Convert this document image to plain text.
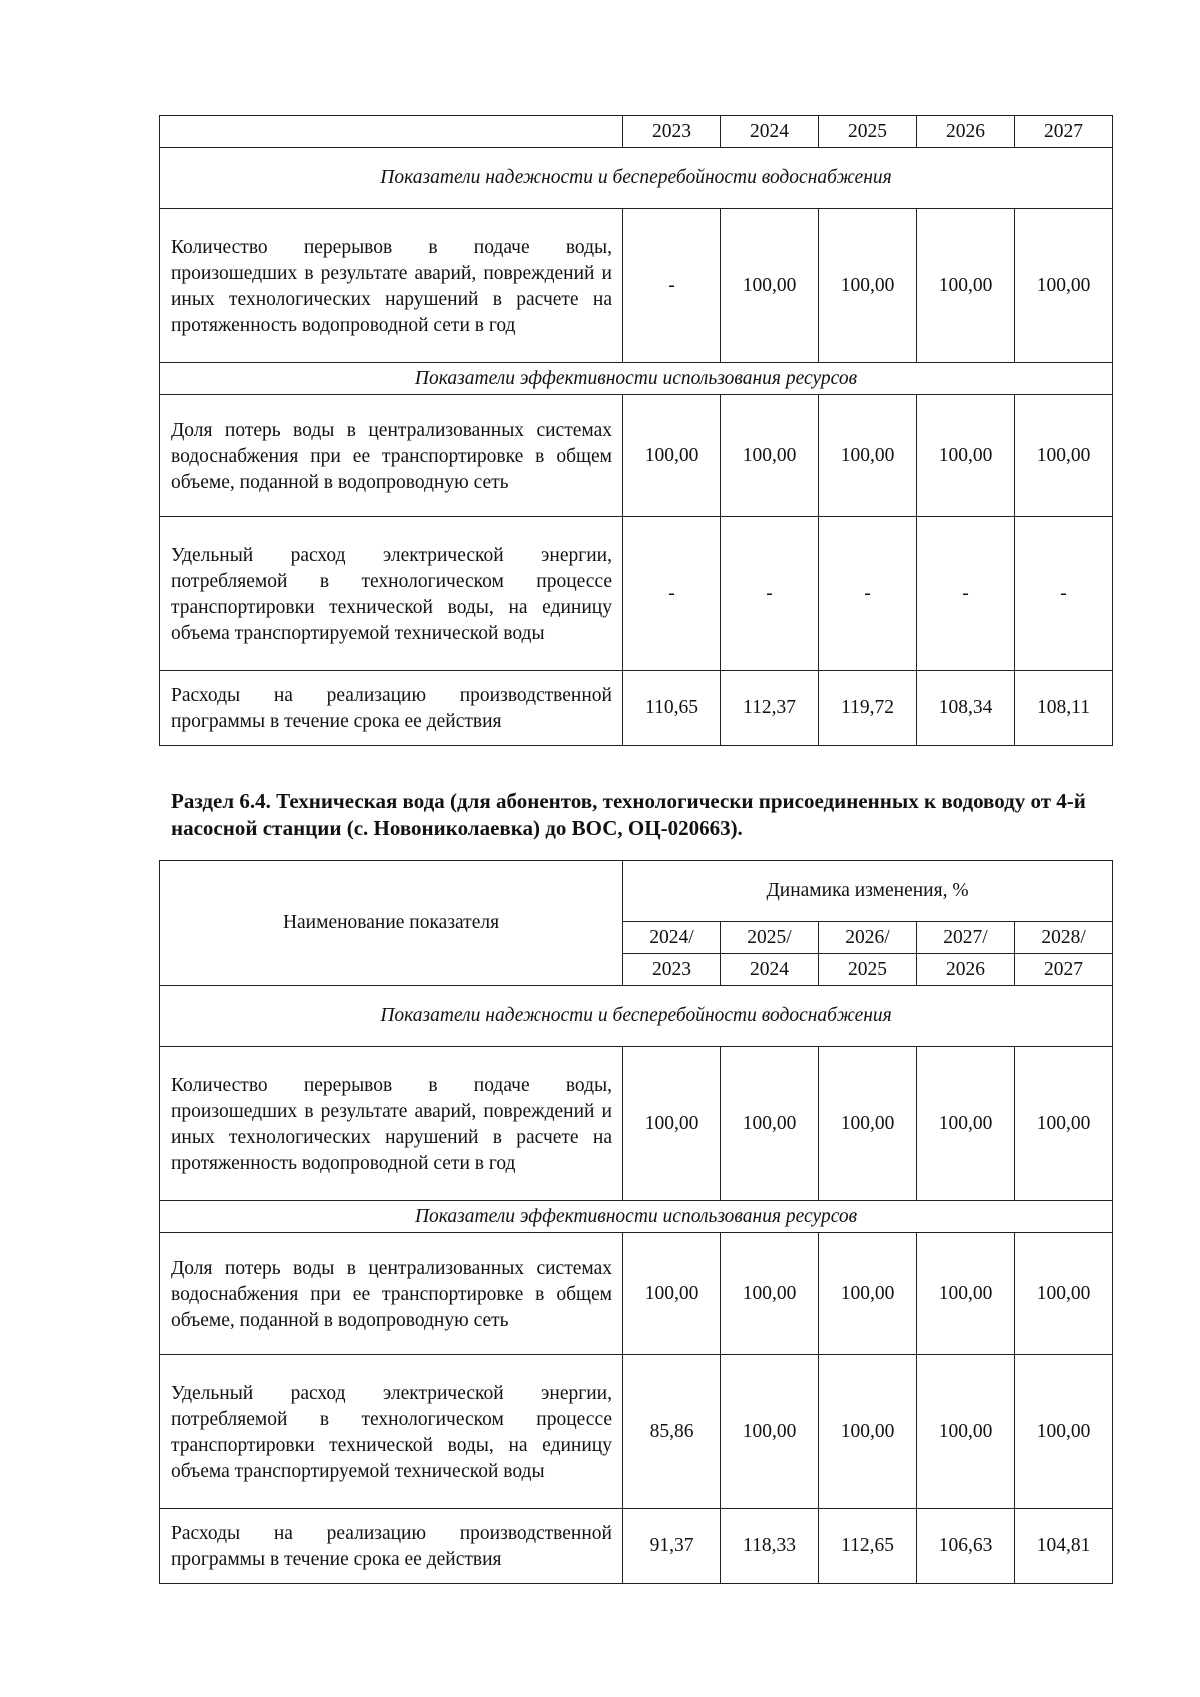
	2023	2024	2025	2026	2027
Показатели надежности и бесперебойности водоснабжения					
Количество перерывов в подаче воды, произошедших в результате аварий, повреждений и иных технологических нарушений в расчете на протяженность водопроводной сети в год	-	100,00	100,00	100,00	100,00
Показатели эффективности использования ресурсов					
Доля потерь воды в централизованных системах водоснабжения при ее транспортировке в общем объеме, поданной в водопроводную сеть	100,00	100,00	100,00	100,00	100,00
Удельный расход электрической энергии, потребляемой в технологическом процессе транспортировки технической воды, на единицу объема транспортируемой технической воды	-	-	-	-	-
Расходы на реализацию производственной программы в течение срока ее действия	110,65	112,37	119,72	108,34	108,11

Раздел 6.4. Техническая вода (для абонентов, технологически присоединенных к водоводу от 4-й насосной станции (с. Новониколаевка) до ВОС, ОЦ-020663).

Наименование показателя	Динамика изменения, %				
	2024/	2025/	2026/	2027/	2028/
	2023	2024	2025	2026	2027
Показатели надежности и бесперебойности водоснабжения					
Количество перерывов в подаче воды, произошедших в результате аварий, повреждений и иных технологических нарушений в расчете на протяженность водопроводной сети в год	100,00	100,00	100,00	100,00	100,00
Показатели эффективности использования ресурсов					
Доля потерь воды в централизованных системах водоснабжения при ее транспортировке в общем объеме, поданной в водопроводную сеть	100,00	100,00	100,00	100,00	100,00
Удельный расход электрической энергии, потребляемой в технологическом процессе транспортировки технической воды, на единицу объема транспортируемой технической воды	85,86	100,00	100,00	100,00	100,00
Расходы на реализацию производственной программы в течение срока ее действия	91,37	118,33	112,65	106,63	104,81
